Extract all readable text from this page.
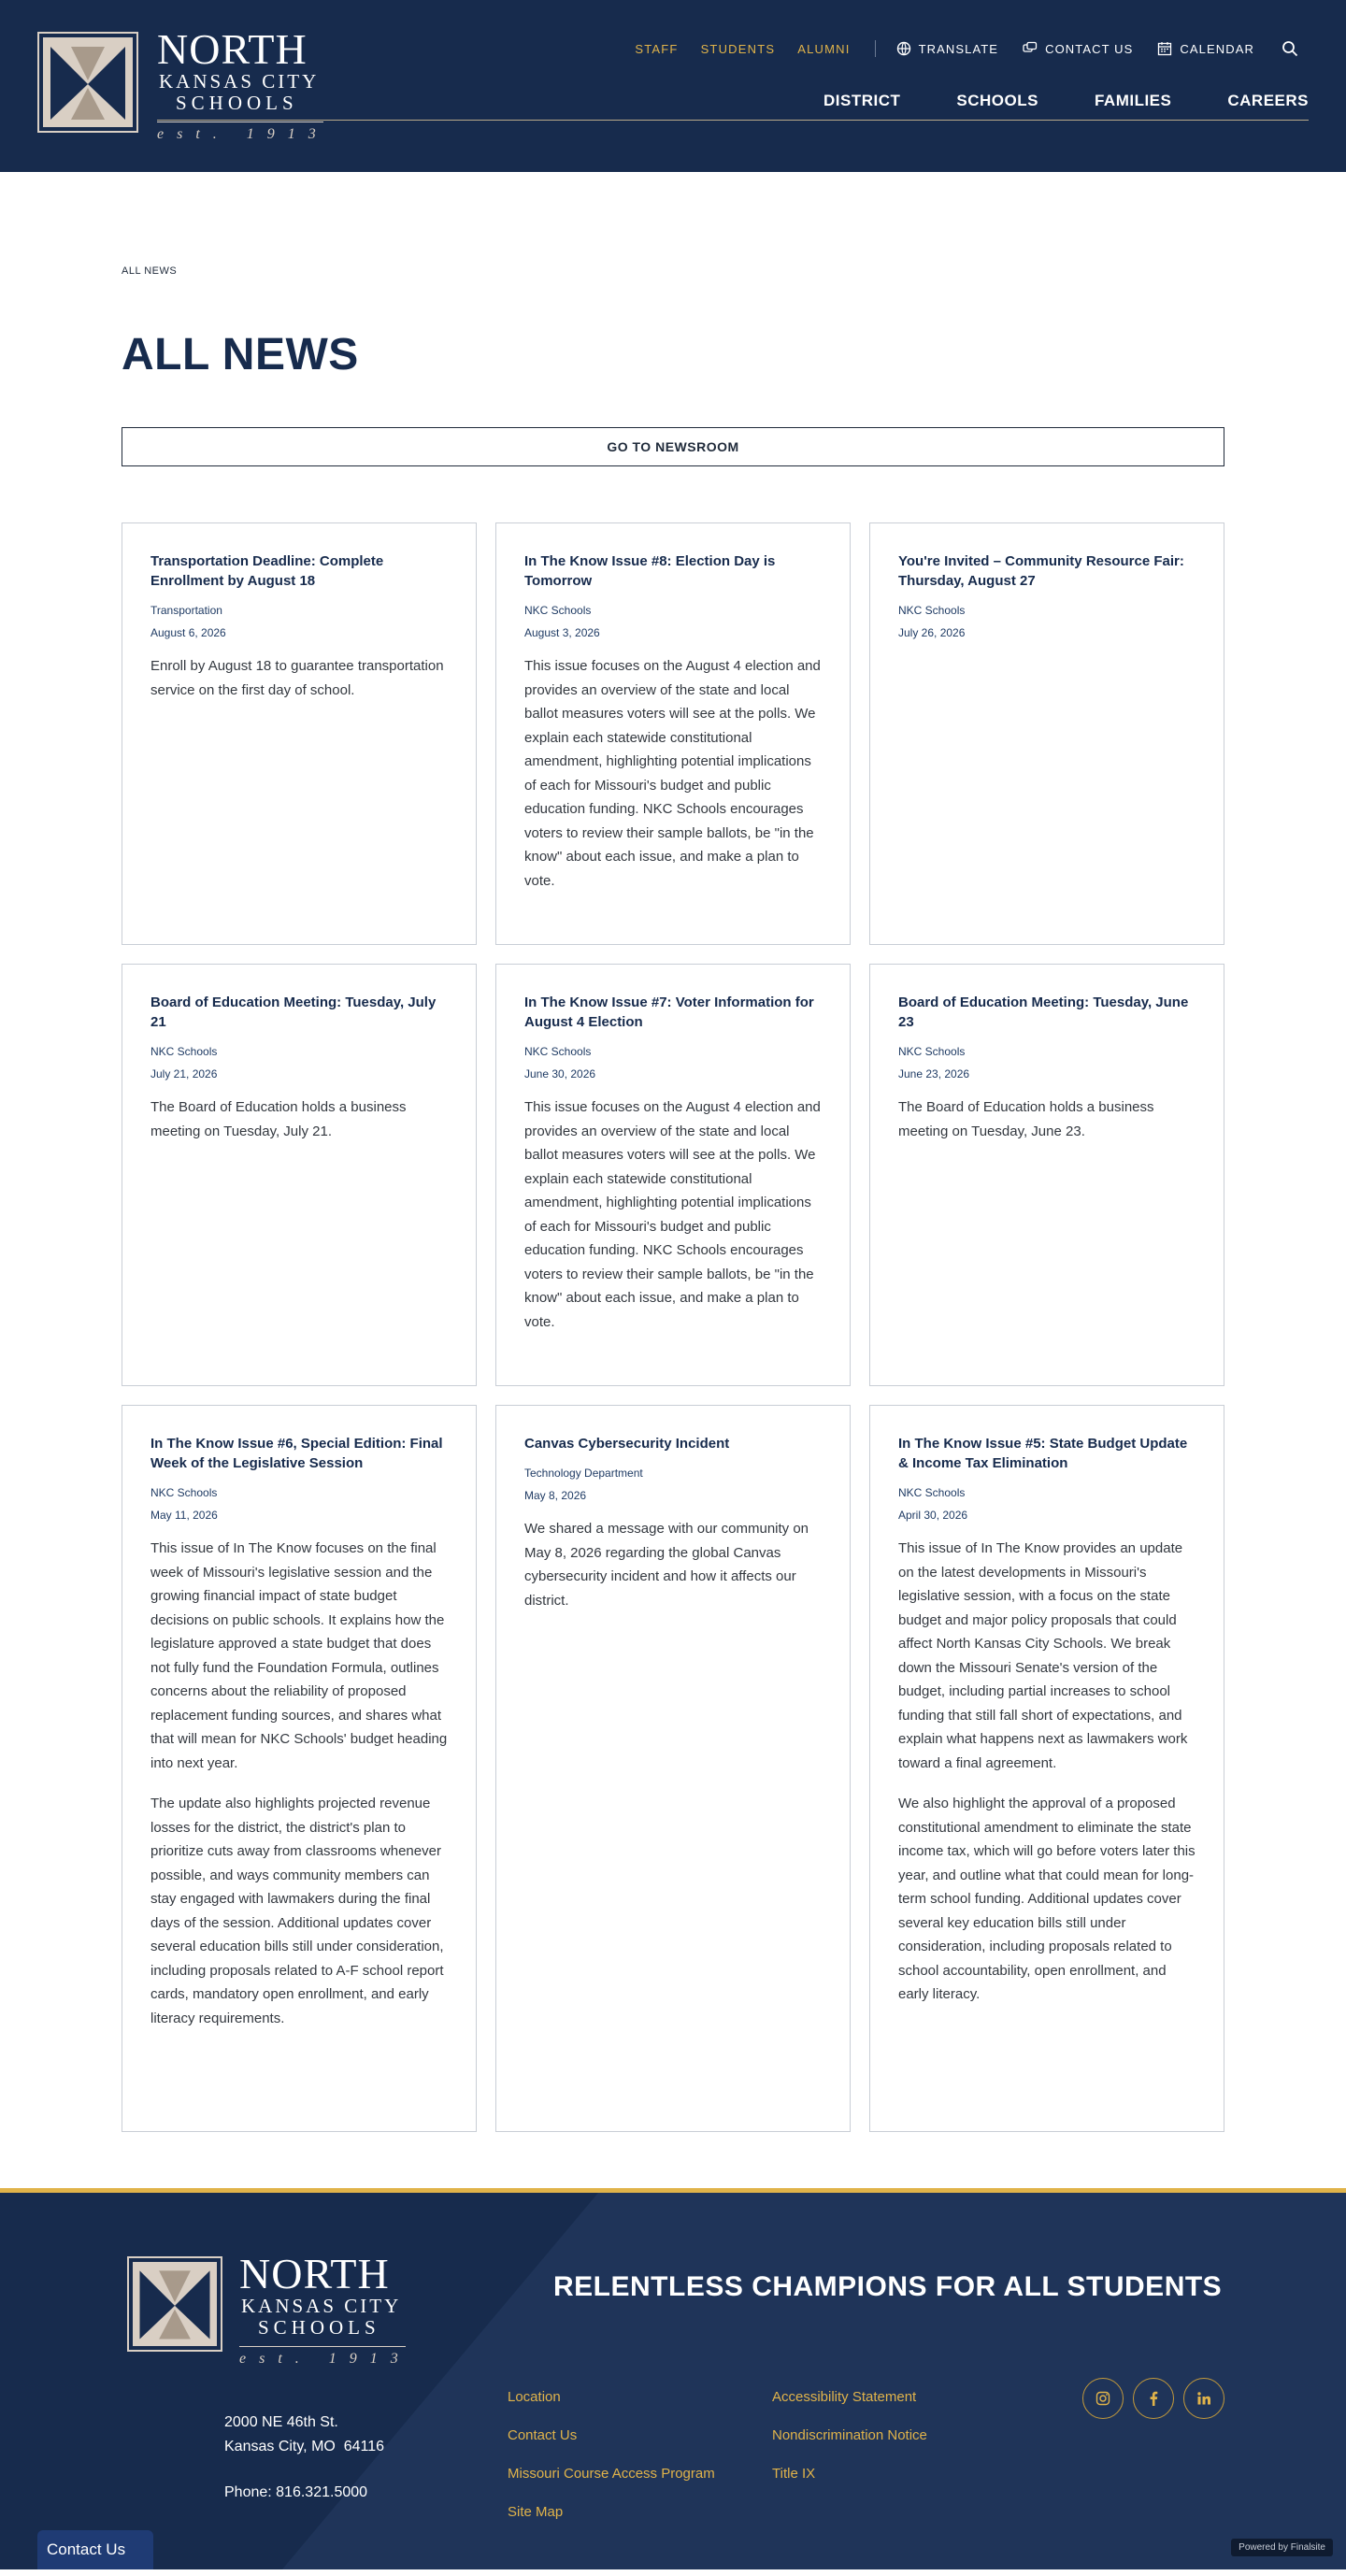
NORTH
KANSAS CITY
SCHOOLS
est. 1913
STAFF STUDENTS ALUMNI	TRANSLATE	CONTACT US	CALENDAR
DISTRICT	SCHOOLS	FAMILIES	CAREERS
ALL NEWS
ALL NEWS
GO TO NEWSROOM
Transportation Deadline: Complete Enrollment by August 18
Transportation
August 6, 2026

Enroll by August 18 to guarantee transportation service on the first day of school.

In The Know Issue #8: Election Day is Tomorrow
NKC Schools
August 3, 2026

This issue focuses on the August 4 election and provides an overview of the state and local ballot measures voters will see at the polls. We explain each statewide constitutional amendment, highlighting potential implications of each for Missouri's budget and public education funding. NKC Schools encourages voters to review their sample ballots, be "in the know" about each issue, and make a plan to vote.

You're Invited – Community Resource Fair: Thursday, August 27
NKC Schools
July 26, 2026
Board of Education Meeting: Tuesday, July 21
NKC Schools
July 21, 2026

The Board of Education holds a business meeting on Tuesday, July 21.

In The Know Issue #7: Voter Information for August 4 Election
NKC Schools
June 30, 2026

This issue focuses on the August 4 election and provides an overview of the state and local ballot measures voters will see at the polls. We explain each statewide constitutional amendment, highlighting potential implications of each for Missouri's budget and public education funding. NKC Schools encourages voters to review their sample ballots, be "in the know" about each issue, and make a plan to vote.

Board of Education Meeting: Tuesday, June 23
NKC Schools
June 23, 2026

The Board of Education holds a business meeting on Tuesday, June 23.

In The Know Issue #6, Special Edition: Final Week of the Legislative Session
NKC Schools
May 11, 2026

This issue of In The Know focuses on the final week of Missouri's legislative session and the growing financial impact of state budget decisions on public schools. It explains how the legislature approved a state budget that does not fully fund the Foundation Formula, outlines concerns about the reliability of proposed replacement funding sources, and shares what that will mean for NKC Schools' budget heading into next year.

The update also highlights projected revenue losses for the district, the district's plan to prioritize cuts away from classrooms whenever possible, and ways community members can stay engaged with lawmakers during the final days of the session. Additional updates cover several education bills still under consideration, including proposals related to A-F school report cards, mandatory open enrollment, and early literacy requirements.

Canvas Cybersecurity Incident
Technology Department
May 8, 2026

We shared a message with our community on May 8, 2026 regarding the global Canvas cybersecurity incident and how it affects our district.

In The Know Issue #5: State Budget Update & Income Tax Elimination
NKC Schools
April 30, 2026

This issue of In The Know provides an update on the latest developments in Missouri's legislative session, with a focus on the state budget and major policy proposals that could affect North Kansas City Schools. We break down the Missouri Senate's version of the budget, including partial increases to school funding that still fall short of expectations, and explain what happens next as lawmakers work toward a final agreement.

We also highlight the approval of a proposed constitutional amendment to eliminate the state income tax, which will go before voters later this year, and outline what that could mean for long-term school funding. Additional updates cover several key education bills still under consideration, including proposals related to school accountability, open enrollment, and early literacy.

NORTH
KANSAS CITY
SCHOOLS
est. 1913
2000 NE 46th St.
Kansas City, MO  64116
Phone: 816.321.5000
RELENTLESS CHAMPIONS FOR ALL STUDENTS
Location
Contact Us
Missouri Course Access Program
Site Map
Accessibility Statement
Nondiscrimination Notice
Title IX
Contact Us	Powered by Finalsite
